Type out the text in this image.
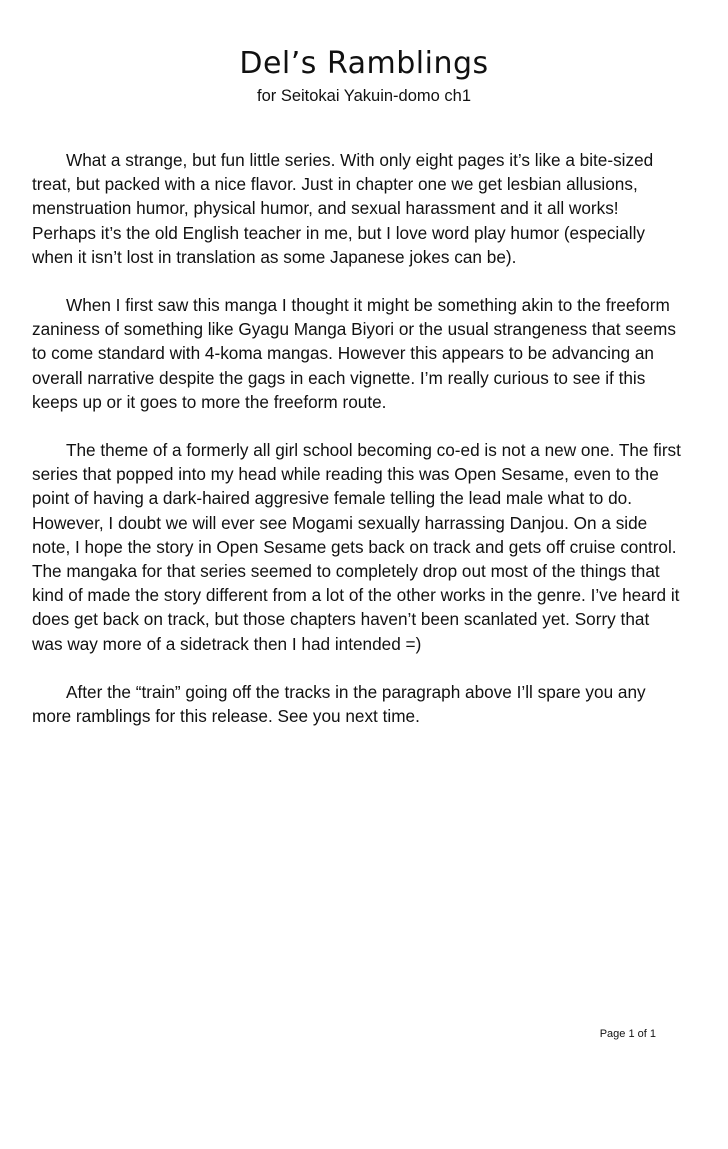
Del’s Ramblings
for Seitokai Yakuin-domo ch1

What a strange, but fun little series. With only eight pages it’s like a bite-sized treat, but packed with a nice flavor. Just in chapter one we get lesbian allusions, menstruation humor, physical humor, and sexual harassment and it all works! Perhaps it’s the old English teacher in me, but I love word play humor (especially when it isn’t lost in translation as some Japanese jokes can be).

When I first saw this manga I thought it might be something akin to the freeform zaniness of something like Gyagu Manga Biyori or the usual strangeness that seems to come standard with 4-koma mangas. However this appears to be advancing an overall narrative despite the gags in each vignette. I’m really curious to see if this keeps up or it goes to more the freeform route.

The theme of a formerly all girl school becoming co-ed is not a new one. The first series that popped into my head while reading this was Open Sesame, even to the point of having a dark-haired aggresive female telling the lead male what to do. However, I doubt we will ever see Mogami sexually harrassing Danjou. On a side note, I hope the story in Open Sesame gets back on track and gets off cruise control. The mangaka for that series seemed to completely drop out most of the things that kind of made the story different from a lot of the other works in the genre. I’ve heard it does get back on track, but those chapters haven’t been scanlated yet. Sorry that was way more of a sidetrack then I had intended =)

After the “train” going off the tracks in the paragraph above I’ll spare you any more ramblings for this release. See you next time.

Page 1 of 1
